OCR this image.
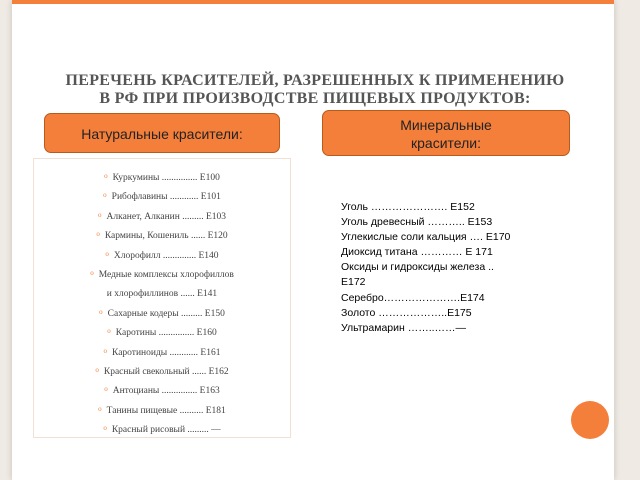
ПЕРЕЧЕНЬ КРАСИТЕЛЕЙ, РАЗРЕШЕННЫХ К ПРИМЕНЕНИЮ
В РФ ПРИ ПРОИЗВОДСТВЕ ПИЩЕВЫХ ПРОДУКТОВ:
Натуральные красители:
Минеральные
красители:
$^o$ Куркумины ............... Е100
$^o$ Рибофлавины ............ Е101
$^o$ Алканет, Алканин ......... Е103
$^o$ Кармины, Кошениль ...... Е120
$^o$ Хлорофилл .............. Е140
$^o$ Медные комплексы хлорофиллов
и хлорофиллинов ...... Е141
$^o$ Сахарные кодеры ......... Е150
$^o$ Каротины ............... Е160
$^o$ Каротиноиды ............ Е161
$^o$ Красный свекольный ...... Е162
$^o$ Антоцианы ............... Е163
$^o$ Танины пищевые .......... Е181
$^o$ Красный рисовый ......... —
Уголь …………………. Е152
Уголь древесный ……….. Е153
Углекислые соли кальция …. Е170
Диоксид титана ………… Е 171
Оксиды и гидроксиды железа ..
Е172
Серебро………………….Е174
Золото ………………..Е175
Ультрамарин ……..……—
